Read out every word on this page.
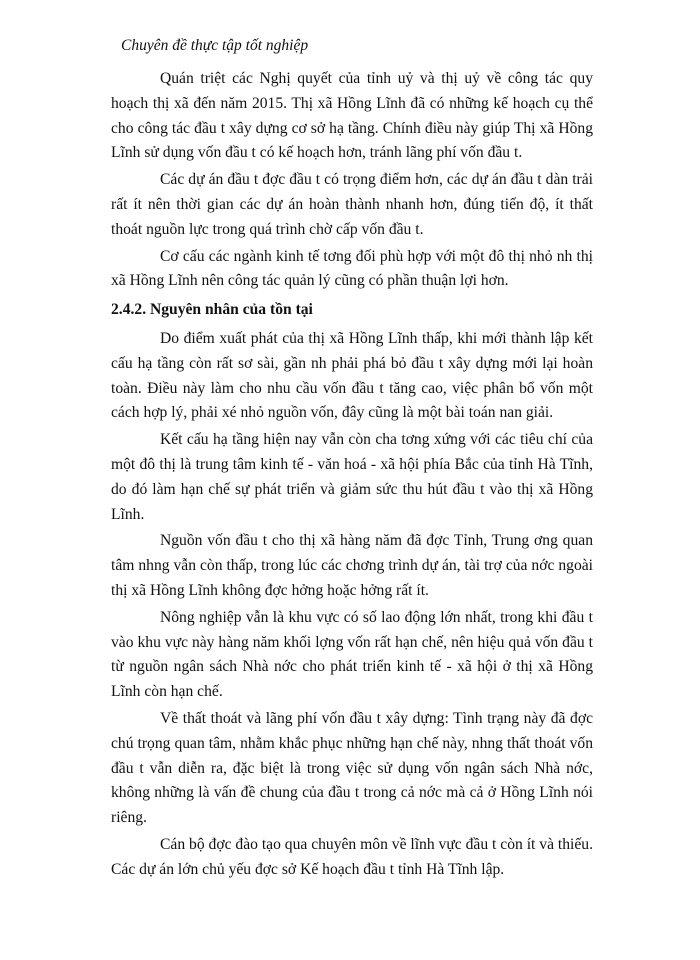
Chuyên đề thực tập tốt nghiệp

Quán triệt các Nghị quyết của tỉnh uỷ và thị uỷ về công tác quy hoạch thị xã đến năm 2015. Thị xã Hồng Lĩnh đã có những kế hoạch cụ thể cho công tác đầu t xây dựng cơ sở hạ tầng. Chính điều này giúp Thị xã Hồng Lĩnh sử dụng vốn đầu t có kế hoạch hơn, tránh lãng phí vốn đầu t.

Các dự án đầu t đợc đầu t có trọng điểm hơn, các dự án đầu t dàn trải rất ít nên thời gian các dự án hoàn thành nhanh hơn, đúng tiến độ, ít thất thoát nguồn lực trong quá trình chờ cấp vốn đầu t.

Cơ cấu các ngành kinh tế tơng đối phù hợp với một đô thị nhỏ nh thị xã Hồng Lĩnh nên công tác quản lý cũng có phần thuận lợi hơn.

2.4.2. Nguyên nhân của tồn tại

Do điểm xuất phát của thị xã Hồng Lĩnh thấp, khi mới thành lập kết cấu hạ tầng còn rất sơ sài, gần nh phải phá bỏ đầu t xây dựng mới lại hoàn toàn. Điều này làm cho nhu cầu vốn đầu t tăng cao, việc phân bổ vốn một cách hợp lý, phải xé nhỏ nguồn vốn, đây cũng là một bài toán nan giải.

Kết cấu hạ tầng hiện nay vẫn còn cha tơng xứng với các tiêu chí của một đô thị là trung tâm kinh tế - văn hoá - xã hội phía Bắc của tỉnh Hà Tĩnh, do đó làm hạn chế sự phát triển và giảm sức thu hút đầu t vào thị xã Hồng Lĩnh.

Nguồn vốn đầu t cho thị xã hàng năm đã đợc Tỉnh, Trung ơng quan tâm nhng vẫn còn thấp, trong lúc các chơng trình dự án, tài trợ của nớc ngoài thị xã Hồng Lĩnh không đợc hởng hoặc hởng rất ít.

Nông nghiệp vẫn là khu vực có số lao động lớn nhất, trong khi đầu t vào khu vực này hàng năm khối lợng vốn rất hạn chế, nên hiệu quả vốn đầu t từ nguồn ngân sách Nhà nớc cho phát triển kinh tế - xã hội ở thị xã Hồng Lĩnh còn hạn chế.

Về thất thoát và lãng phí vốn đầu t xây dựng: Tình trạng này đã đợc chú trọng quan tâm, nhằm khắc phục những hạn chế này, nhng thất thoát vốn đầu t vẫn diễn ra, đặc biệt là trong việc sử dụng vốn ngân sách Nhà nớc, không những là vấn đề chung của đầu t trong cả nớc mà cả ở Hồng Lĩnh nói riêng.

Cán bộ đợc đào tạo qua chuyên môn về lĩnh vực đầu t còn ít và thiếu. Các dự án lớn chủ yếu đợc sở Kế hoạch đầu t tỉnh Hà Tĩnh lập.
